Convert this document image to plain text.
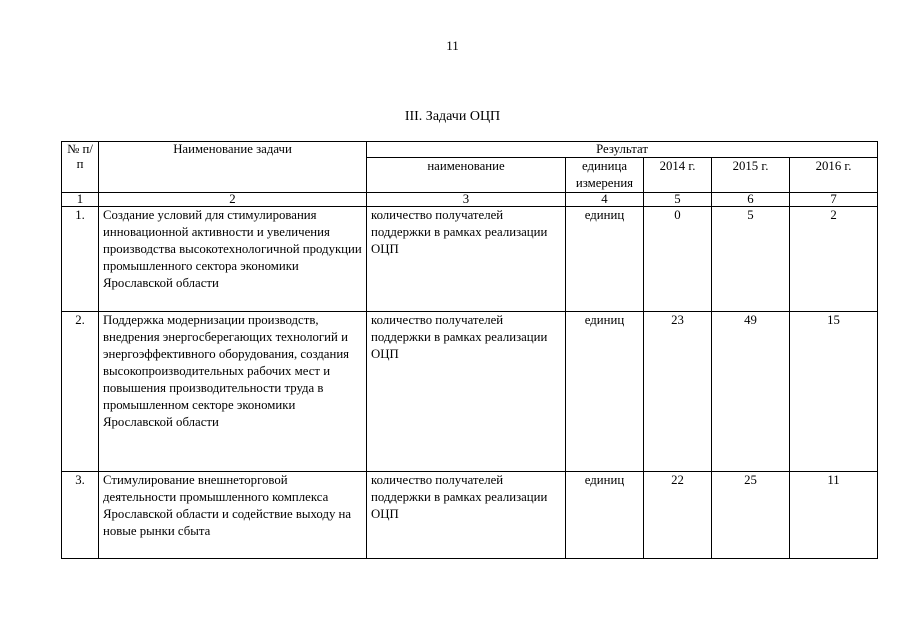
11
III. Задачи ОЦП
№ п/п	Наименование задачи	Результат				
		наименование	единица измерения	2014 г.	2015 г.	2016 г.
1	2	3	4	5	6	7
1.	Создание условий для стимулирования инновационной активности и увеличения производства высокотехнологичной продукции промышленного сектора экономики Ярославской области	количество получателей поддержки в рамках реализации ОЦП	единиц	0	5	2
2.	Поддержка модернизации производств, внедрения энергосберегающих технологий и энергоэффективного оборудования, создания высокопроизводительных рабочих мест и повышения производительности труда в промышленном секторе экономики Ярославской области	количество получателей поддержки в рамках реализации ОЦП	единиц	23	49	15
3.	Стимулирование внешнеторговой деятельности промышленного комплекса Ярославской области и содействие выходу на новые рынки сбыта	количество получателей поддержки в рамках реализации ОЦП	единиц	22	25	11
